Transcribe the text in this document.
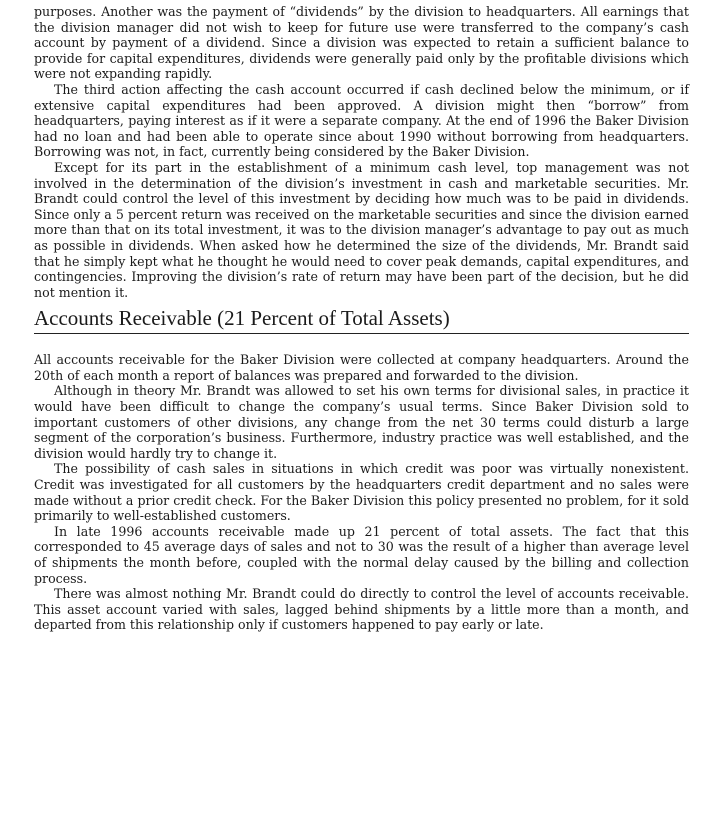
purposes. Another was the payment of “dividends” by the division to headquarters. All earnings that the division manager did not wish to keep for future use were transferred to the company’s cash account by payment of a dividend. Since a division was expected to retain a sufficient balance to provide for capital expenditures, dividends were generally paid only by the profitable divisions which were not expanding rapidly.

The third action affecting the cash account occurred if cash declined below the minimum, or if extensive capital expenditures had been approved. A division might then “borrow” from headquarters, paying interest as if it were a separate company. At the end of 1996 the Baker Division had no loan and had been able to operate since about 1990 without borrowing from headquarters. Borrowing was not, in fact, currently being considered by the Baker Division.

Except for its part in the establishment of a minimum cash level, top management was not involved in the determination of the division’s investment in cash and marketable securities. Mr. Brandt could control the level of this investment by deciding how much was to be paid in dividends. Since only a 5 percent return was received on the marketable securities and since the division earned more than that on its total investment, it was to the division manager’s advantage to pay out as much as possible in dividends. When asked how he determined the size of the dividends, Mr. Brandt said that he simply kept what he thought he would need to cover peak demands, capital expenditures, and contingencies. Improving the division’s rate of return may have been part of the decision, but he did not mention it.

Accounts Receivable (21 Percent of Total Assets)

All accounts receivable for the Baker Division were collected at company headquarters. Around the 20th of each month a report of balances was prepared and forwarded to the division.

Although in theory Mr. Brandt was allowed to set his own terms for divisional sales, in practice it would have been difficult to change the company’s usual terms. Since Baker Division sold to important customers of other divisions, any change from the net 30 terms could disturb a large segment of the corporation’s business. Furthermore, industry practice was well established, and the division would hardly try to change it.

The possibility of cash sales in situations in which credit was poor was virtually nonexistent. Credit was investigated for all customers by the headquarters credit department and no sales were made without a prior credit check. For the Baker Division this policy presented no problem, for it sold primarily to well-established customers.

In late 1996 accounts receivable made up 21 percent of total assets. The fact that this corresponded to 45 average days of sales and not to 30 was the result of a higher than average level of shipments the month before, coupled with the normal delay caused by the billing and collection process.

There was almost nothing Mr. Brandt could do directly to control the level of accounts receivable. This asset account varied with sales, lagged behind shipments by a little more than a month, and departed from this relationship only if customers happened to pay early or late.
